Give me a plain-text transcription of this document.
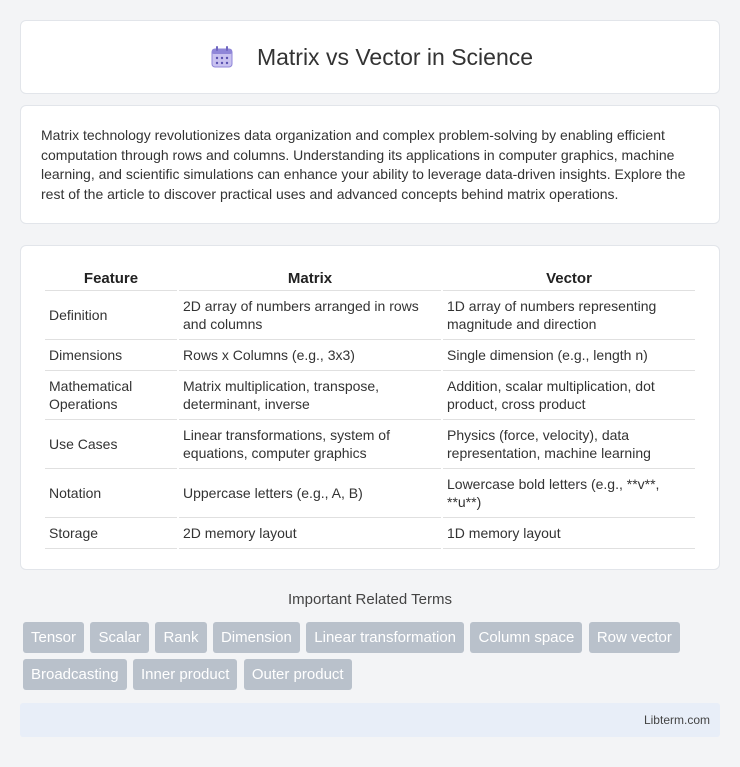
Matrix vs Vector in Science

Matrix technology revolutionizes data organization and complex problem-solving by enabling efficient computation through rows and columns. Understanding its applications in computer graphics, machine learning, and scientific simulations can enhance your ability to leverage data-driven insights. Explore the rest of the article to discover practical uses and advanced concepts behind matrix operations.

Feature	Matrix	Vector
Definition	2D array of numbers arranged in rows and columns	1D array of numbers representing magnitude and direction
Dimensions	Rows x Columns (e.g., 3x3)	Single dimension (e.g., length n)
Mathematical Operations	Matrix multiplication, transpose, determinant, inverse	Addition, scalar multiplication, dot product, cross product
Use Cases	Linear transformations, system of equations, computer graphics	Physics (force, velocity), data representation, machine learning
Notation	Uppercase letters (e.g., A, B)	Lowercase bold letters (e.g., **v**, **u**)
Storage	2D memory layout	1D memory layout
Important Related Terms
Tensor Scalar Rank Dimension Linear transformation Column space Row vector Broadcasting Inner product Outer product
Libterm.com
